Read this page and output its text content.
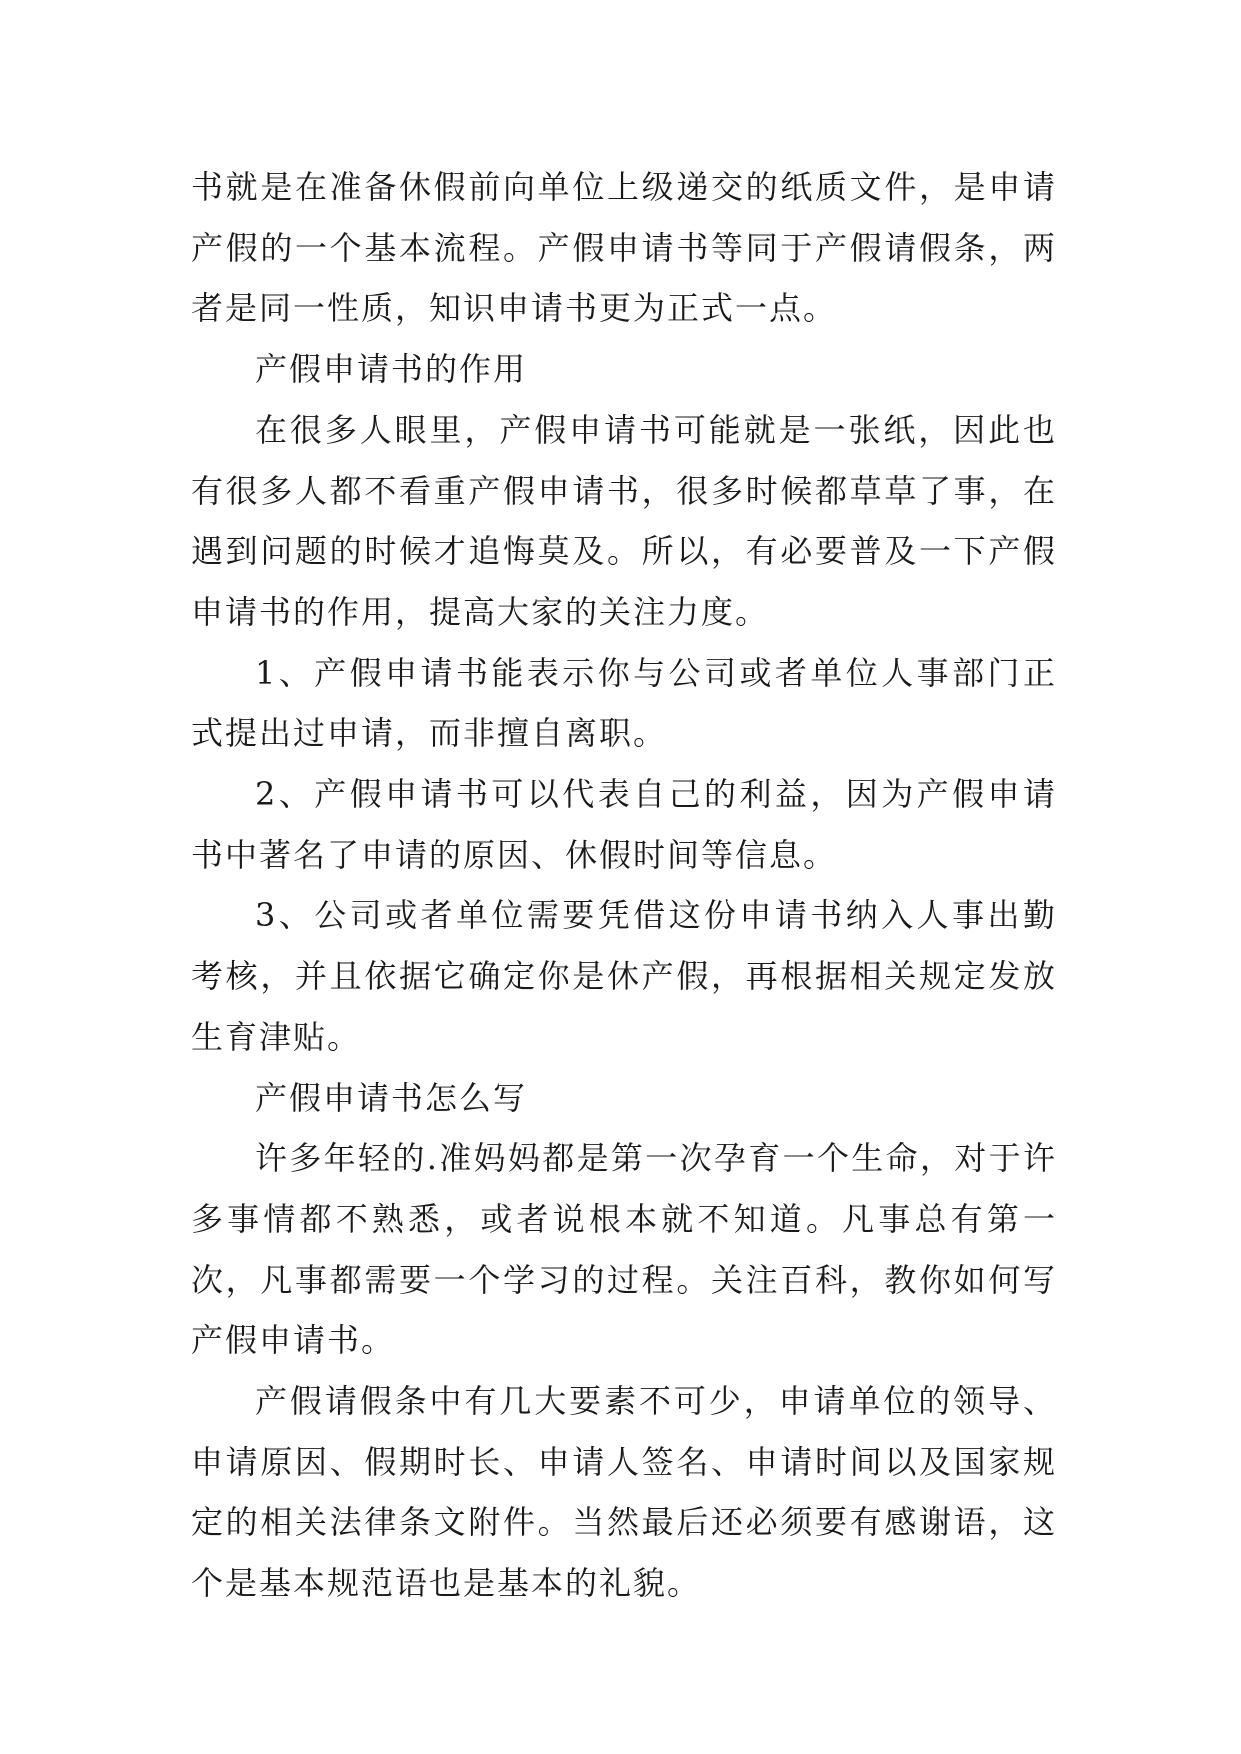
书就是在准备休假前向单位上级递交的纸质文件，是申请产假的一个基本流程。产假申请书等同于产假请假条，两者是同一性质，知识申请书更为正式一点。

产假申请书的作用

在很多人眼里，产假申请书可能就是一张纸，因此也有很多人都不看重产假申请书，很多时候都草草了事，在遇到问题的时候才追悔莫及。所以，有必要普及一下产假申请书的作用，提高大家的关注力度。

1、产假申请书能表示你与公司或者单位人事部门正式提出过申请，而非擅自离职。

2、产假申请书可以代表自己的利益，因为产假申请书中著名了申请的原因、休假时间等信息。

3、公司或者单位需要凭借这份申请书纳入人事出勤考核，并且依据它确定你是休产假，再根据相关规定发放生育津贴。

产假申请书怎么写

许多年轻的.准妈妈都是第一次孕育一个生命，对于许多事情都不熟悉，或者说根本就不知道。凡事总有第一次，凡事都需要一个学习的过程。关注百科，教你如何写产假申请书。

产假请假条中有几大要素不可少，申请单位的领导、申请原因、假期时长、申请人签名、申请时间以及国家规定的相关法律条文附件。当然最后还必须要有感谢语，这个是基本规范语也是基本的礼貌。
